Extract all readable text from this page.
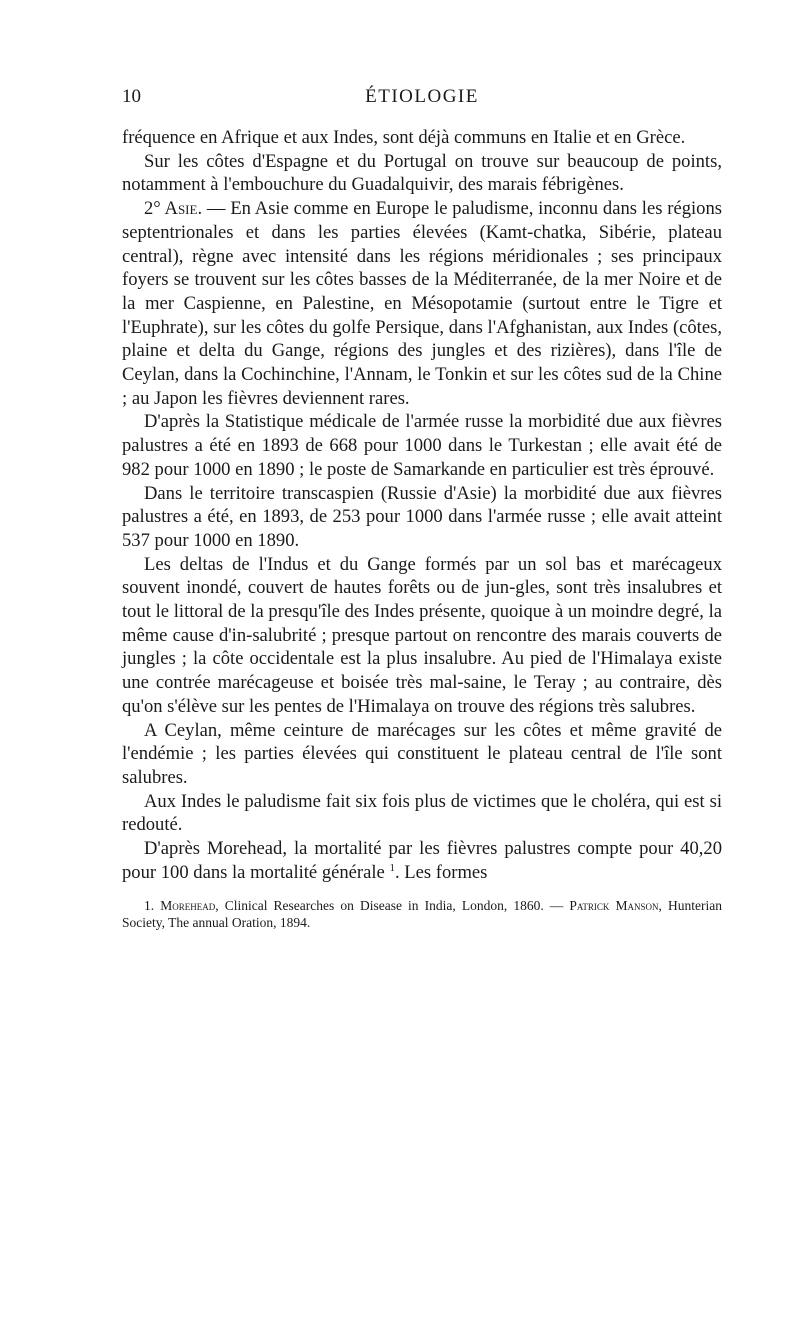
10	ÉTIOLOGIE

fréquence en Afrique et aux Indes, sont déjà communs en Italie et en Grèce.

Sur les côtes d'Espagne et du Portugal on trouve sur beaucoup de points, notamment à l'embouchure du Guadalquivir, des marais fébrigènes.

2° Asie. — En Asie comme en Europe le paludisme, inconnu dans les régions septentrionales et dans les parties élevées (Kamt-chatka, Sibérie, plateau central), règne avec intensité dans les régions méridionales ; ses principaux foyers se trouvent sur les côtes basses de la Méditerranée, de la mer Noire et de la mer Caspienne, en Palestine, en Mésopotamie (surtout entre le Tigre et l'Euphrate), sur les côtes du golfe Persique, dans l'Afghanistan, aux Indes (côtes, plaine et delta du Gange, régions des jungles et des rizières), dans l'île de Ceylan, dans la Cochinchine, l'Annam, le Tonkin et sur les côtes sud de la Chine ; au Japon les fièvres deviennent rares.

D'après la Statistique médicale de l'armée russe la morbidité due aux fièvres palustres a été en 1893 de 668 pour 1000 dans le Turkestan ; elle avait été de 982 pour 1000 en 1890 ; le poste de Samarkande en particulier est très éprouvé.

Dans le territoire transcaspien (Russie d'Asie) la morbidité due aux fièvres palustres a été, en 1893, de 253 pour 1000 dans l'armée russe ; elle avait atteint 537 pour 1000 en 1890.

Les deltas de l'Indus et du Gange formés par un sol bas et marécageux souvent inondé, couvert de hautes forêts ou de jun-gles, sont très insalubres et tout le littoral de la presqu'île des Indes présente, quoique à un moindre degré, la même cause d'in-salubrité ; presque partout on rencontre des marais couverts de jungles ; la côte occidentale est la plus insalubre. Au pied de l'Himalaya existe une contrée marécageuse et boisée très mal-saine, le Teray ; au contraire, dès qu'on s'élève sur les pentes de l'Himalaya on trouve des régions très salubres.

A Ceylan, même ceinture de marécages sur les côtes et même gravité de l'endémie ; les parties élevées qui constituent le plateau central de l'île sont salubres.

Aux Indes le paludisme fait six fois plus de victimes que le choléra, qui est si redouté.

D'après Morehead, la mortalité par les fièvres palustres compte pour 40,20 pour 100 dans la mortalité générale $^1$. Les formes

1. Morehead, Clinical Researches on Disease in India, London, 1860. — Patrick Manson, Hunterian Society, The annual Oration, 1894.
